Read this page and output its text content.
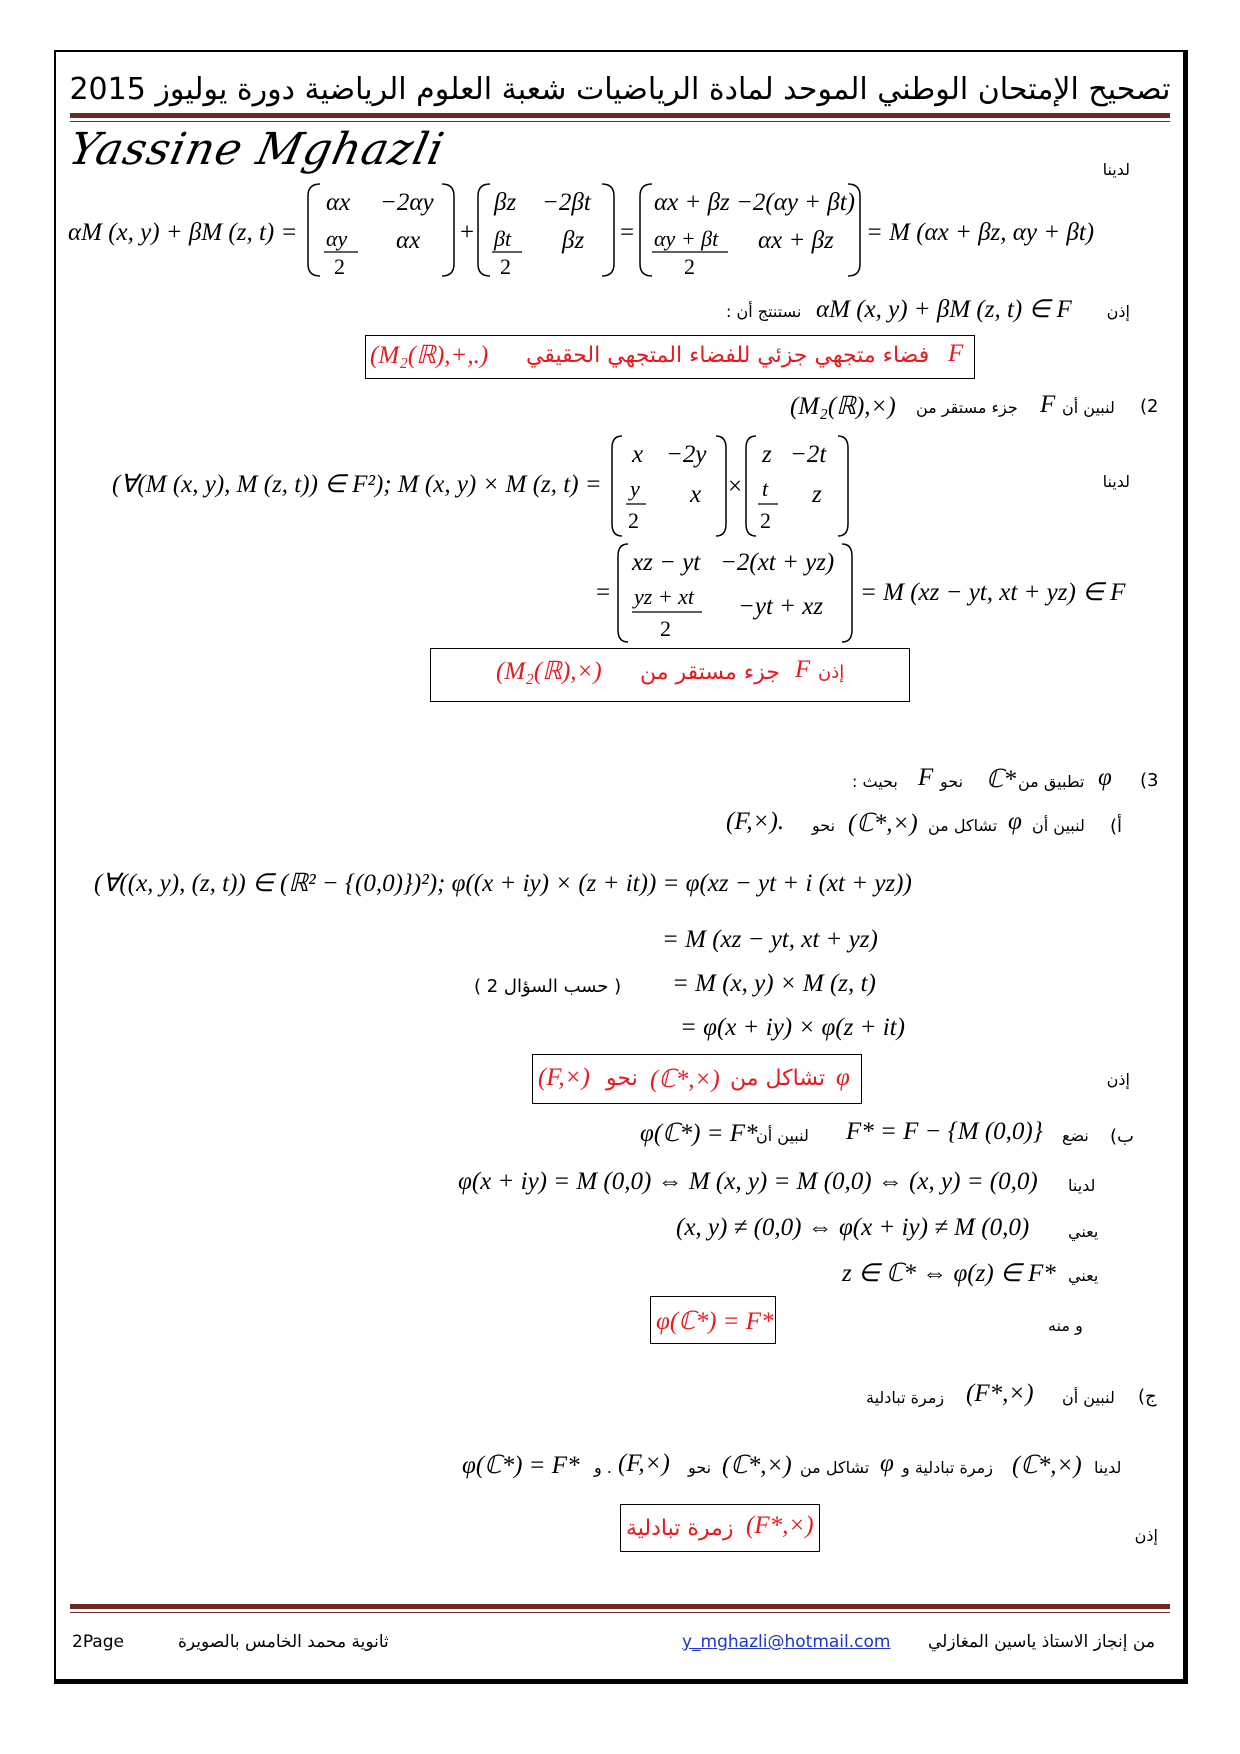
تصحيح الإمتحان الوطني الموحد لمادة الرياضيات شعبة العلوم الرياضية دورة يوليوز 2015
Yassine Mghazli	لدينا
αM (x, y) + βM (z, t) =
αx −2αy
αy
2
αx +
βz −2βt
βt
2
βz =
αx + βz −2(αy + βt)
αy + βt
2
αx + βz = M (αx + βz, αy + βt)
إذن
αM (x, y) + βM (z, t) ∈ F
نستنتج أن :
F
فضاء متجهي جزئي للفضاء المتجهي الحقيقي
(M₂(ℝ),+,.)
2)
لنبين أن
F
جزء مستقر من
(M₂(ℝ),×)
لدينا
(∀(M (x, y), M (z, t)) ∈ F²); M (x, y) × M (z, t) =
x −2y
y
2
x ×
z −2t
t
2
z
=
xz − yt −2(xt + yz)
yz + xt
2
−yt + xz
= M (xz − yt, xt + yz) ∈ F
إذن
F
جزء مستقر من
(M₂(ℝ),×)
3)
φ
تطبيق من
ℂ*
نحو
F
بحيث :
أ)
لنبين أن
φ
تشاكل من
(ℂ*,×)
نحو
(F,×).
(∀((x, y), (z, t)) ∈ (ℝ² − {(0,0)})²); φ((x + iy) × (z + it)) = φ(xz − yt + i (xt + yz))
= M (xz − yt, xt + yz)
( حسب السؤال 2 ) = M (x, y) × M (z, t)
= φ(x + iy) × φ(z + it)
إذن
φ
تشاكل من
(ℂ*,×)
نحو
(F,×)
ب)
نضع
F* = F − {M (0,0)}
لنبين أن
φ(ℂ*) = F*
لدينا
φ(x + iy) = M (0,0) ⇔ M (x, y) = M (0,0) ⇔ (x, y) = (0,0)
يعني
(x, y) ≠ (0,0) ⇔ φ(x + iy) ≠ M (0,0)
يعني
z ∈ ℂ* ⇔ φ(z) ∈ F*
و منه
φ(ℂ*) = F*
ج)
لنبين أن
(F*,×)
زمرة تبادلية
لدينا
(ℂ*,×)
زمرة تبادلية و
φ
تشاكل من
(ℂ*,×)
نحو
(F,×)
. و
φ(ℂ*) = F*
إذن
(F*,×)
زمرة تبادلية
من إنجاز الاستاذ ياسين المغازلي
y_mghazli@hotmail.com
ثانوية محمد الخامس بالصويرة
2Page
